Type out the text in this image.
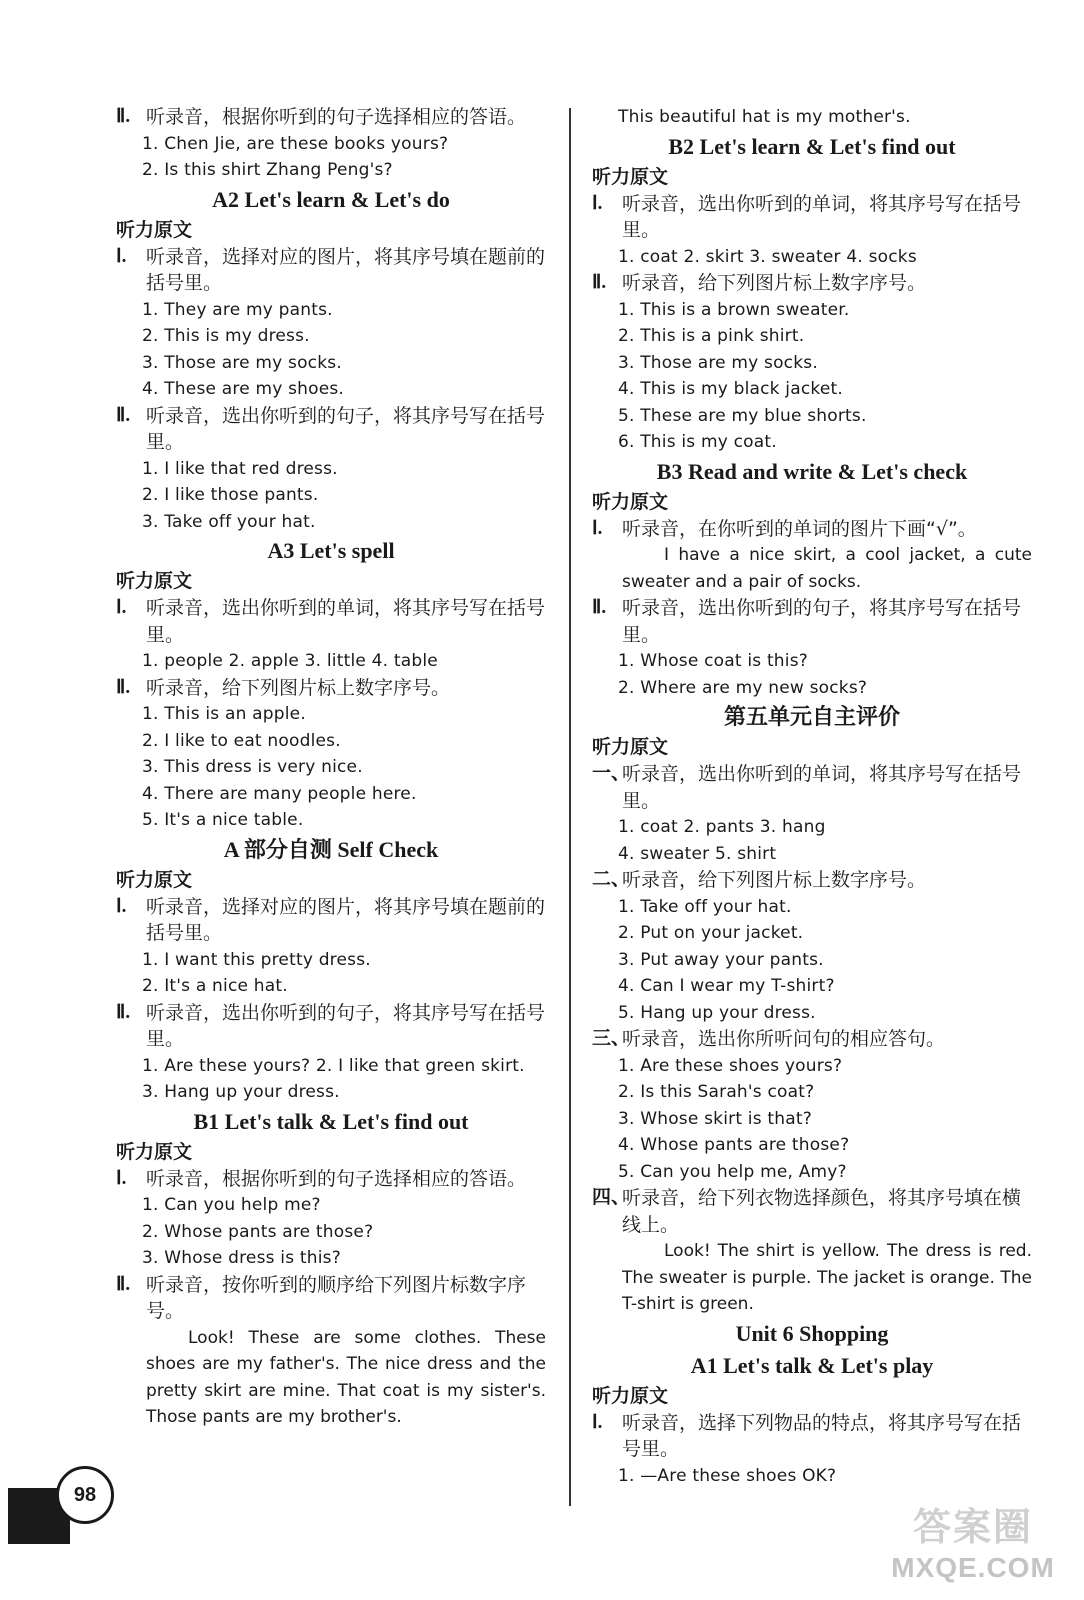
Ⅱ. 听录音，根据你听到的句子选择相应的答语。
1. Chen Jie, are these books yours?
2. Is this shirt Zhang Peng's?
A2 Let's learn & Let's do
听力原文
Ⅰ. 听录音，选择对应的图片，将其序号填在题前的括号里。
1. They are my pants.
2. This is my dress.
3. Those are my socks.
4. These are my shoes.
Ⅱ. 听录音，选出你听到的句子，将其序号写在括号里。
1. I like that red dress.
2. I like those pants.
3. Take off your hat.
A3 Let's spell
听力原文
Ⅰ. 听录音，选出你听到的单词，将其序号写在括号里。
1. people 2. apple 3. little 4. table
Ⅱ. 听录音，给下列图片标上数字序号。
1. This is an apple.
2. I like to eat noodles.
3. This dress is very nice.
4. There are many people here.
5. It's a nice table.
A 部分自测 Self Check
听力原文
Ⅰ. 听录音，选择对应的图片，将其序号填在题前的括号里。
1. I want this pretty dress.
2. It's a nice hat.
Ⅱ. 听录音，选出你听到的句子，将其序号写在括号里。
1. Are these yours? 2. I like that green skirt.
3. Hang up your dress.
B1 Let's talk & Let's find out
听力原文
Ⅰ. 听录音，根据你听到的句子选择相应的答语。
1. Can you help me?
2. Whose pants are those?
3. Whose dress is this?
Ⅱ. 听录音，按你听到的顺序给下列图片标数字序号。
Look! These are some clothes. These shoes are my father's. The nice dress and the pretty skirt are mine. That coat is my sister's. Those pants are my brother's.
This beautiful hat is my mother's.
B2 Let's learn & Let's find out
听力原文
Ⅰ. 听录音，选出你听到的单词，将其序号写在括号里。
1. coat 2. skirt 3. sweater 4. socks
Ⅱ. 听录音，给下列图片标上数字序号。
1. This is a brown sweater.
2. This is a pink shirt.
3. Those are my socks.
4. This is my black jacket.
5. These are my blue shorts.
6. This is my coat.
B3 Read and write & Let's check
听力原文
Ⅰ. 听录音，在你听到的单词的图片下画“√”。
I have a nice skirt, a cool jacket, a cute sweater and a pair of socks.
Ⅱ. 听录音，选出你听到的句子，将其序号写在括号里。
1. Whose coat is this?
2. Where are my new socks?
第五单元自主评价
听力原文
一、
听录音，选出你听到的单词，将其序号写在括号里。
1. coat 2. pants 3. hang
4. sweater 5. shirt
二、
听录音，给下列图片标上数字序号。
1. Take off your hat.
2. Put on your jacket.
3. Put away your pants.
4. Can I wear my T-shirt?
5. Hang up your dress.
三、
听录音，选出你所听问句的相应答句。
1. Are these shoes yours?
2. Is this Sarah's coat?
3. Whose skirt is that?
4. Whose pants are those?
5. Can you help me, Amy?
四、
听录音，给下列衣物选择颜色，将其序号填在横线上。
Look! The shirt is yellow. The dress is red. The sweater is purple. The jacket is orange. The T-shirt is green.
Unit 6 Shopping
A1 Let's talk & Let's play
听力原文
Ⅰ. 听录音，选择下列物品的特点，将其序号写在括号里。
1. —Are these shoes OK?
98
答案圈
MXQE.COM
